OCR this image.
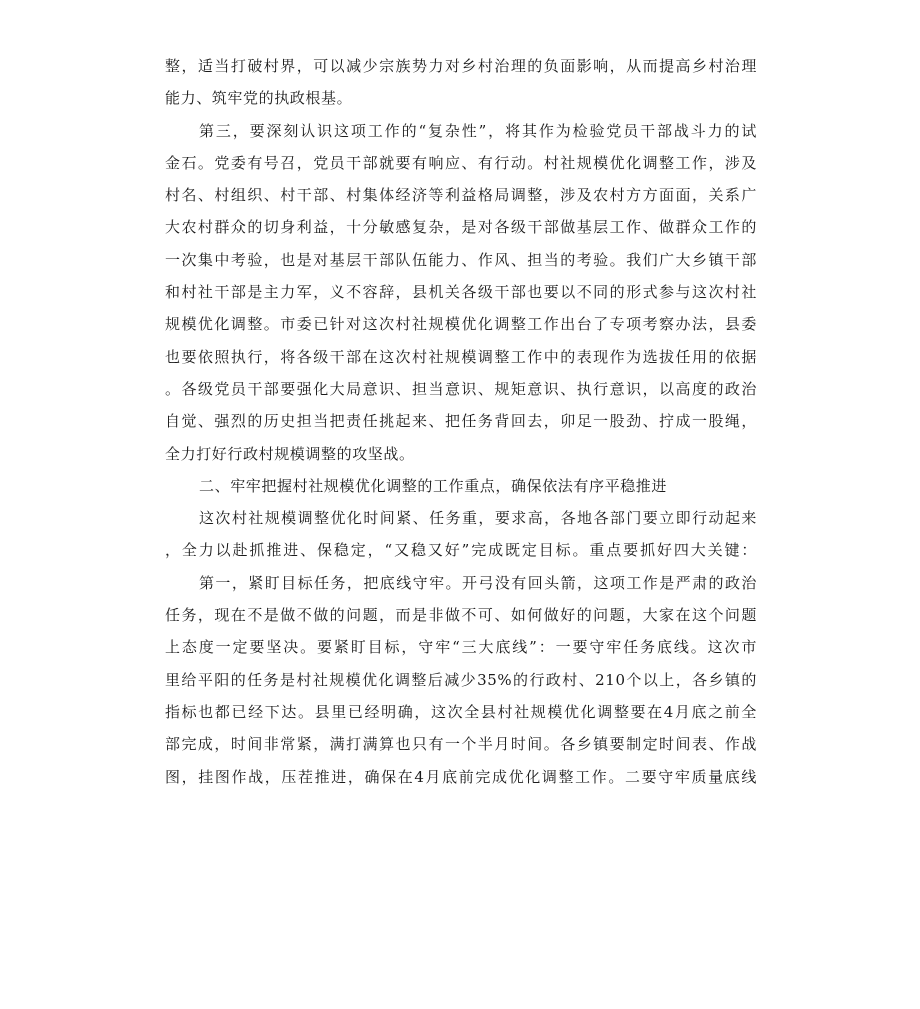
整，适当打破村界，可以减少宗族势力对乡村治理的负面影响，从而提高乡村治理
能力、筑牢党的执政根基。
第三，要深刻认识这项工作的“复杂性”，将其作为检验党员干部战斗力的试
金石。党委有号召，党员干部就要有响应、有行动。村社规模优化调整工作，涉及
村名、村组织、村干部、村集体经济等利益格局调整，涉及农村方方面面，关系广
大农村群众的切身利益，十分敏感复杂，是对各级干部做基层工作、做群众工作的
一次集中考验，也是对基层干部队伍能力、作风、担当的考验。我们广大乡镇干部
和村社干部是主力军，义不容辞，县机关各级干部也要以不同的形式参与这次村社
规模优化调整。市委已针对这次村社规模优化调整工作出台了专项考察办法，县委
也要依照执行，将各级干部在这次村社规模调整工作中的表现作为选拔任用的依据
。各级党员干部要强化大局意识、担当意识、规矩意识、执行意识，以高度的政治
自觉、强烈的历史担当把责任挑起来、把任务背回去，卯足一股劲、拧成一股绳，
全力打好行政村规模调整的攻坚战。
二、牢牢把握村社规模优化调整的工作重点，确保依法有序平稳推进
这次村社规模调整优化时间紧、任务重，要求高，各地各部门要立即行动起来
，全力以赴抓推进、保稳定，“又稳又好”完成既定目标。重点要抓好四大关键：
第一，紧盯目标任务，把底线守牢。开弓没有回头箭，这项工作是严肃的政治
任务，现在不是做不做的问题，而是非做不可、如何做好的问题，大家在这个问题
上态度一定要坚决。要紧盯目标，守牢“三大底线”：一要守牢任务底线。这次市
里给平阳的任务是村社规模优化调整后减少35%的行政村、210个以上，各乡镇的
指标也都已经下达。县里已经明确，这次全县村社规模优化调整要在4月底之前全
部完成，时间非常紧，满打满算也只有一个半月时间。各乡镇要制定时间表、作战
图，挂图作战，压茬推进，确保在4月底前完成优化调整工作。二要守牢质量底线
